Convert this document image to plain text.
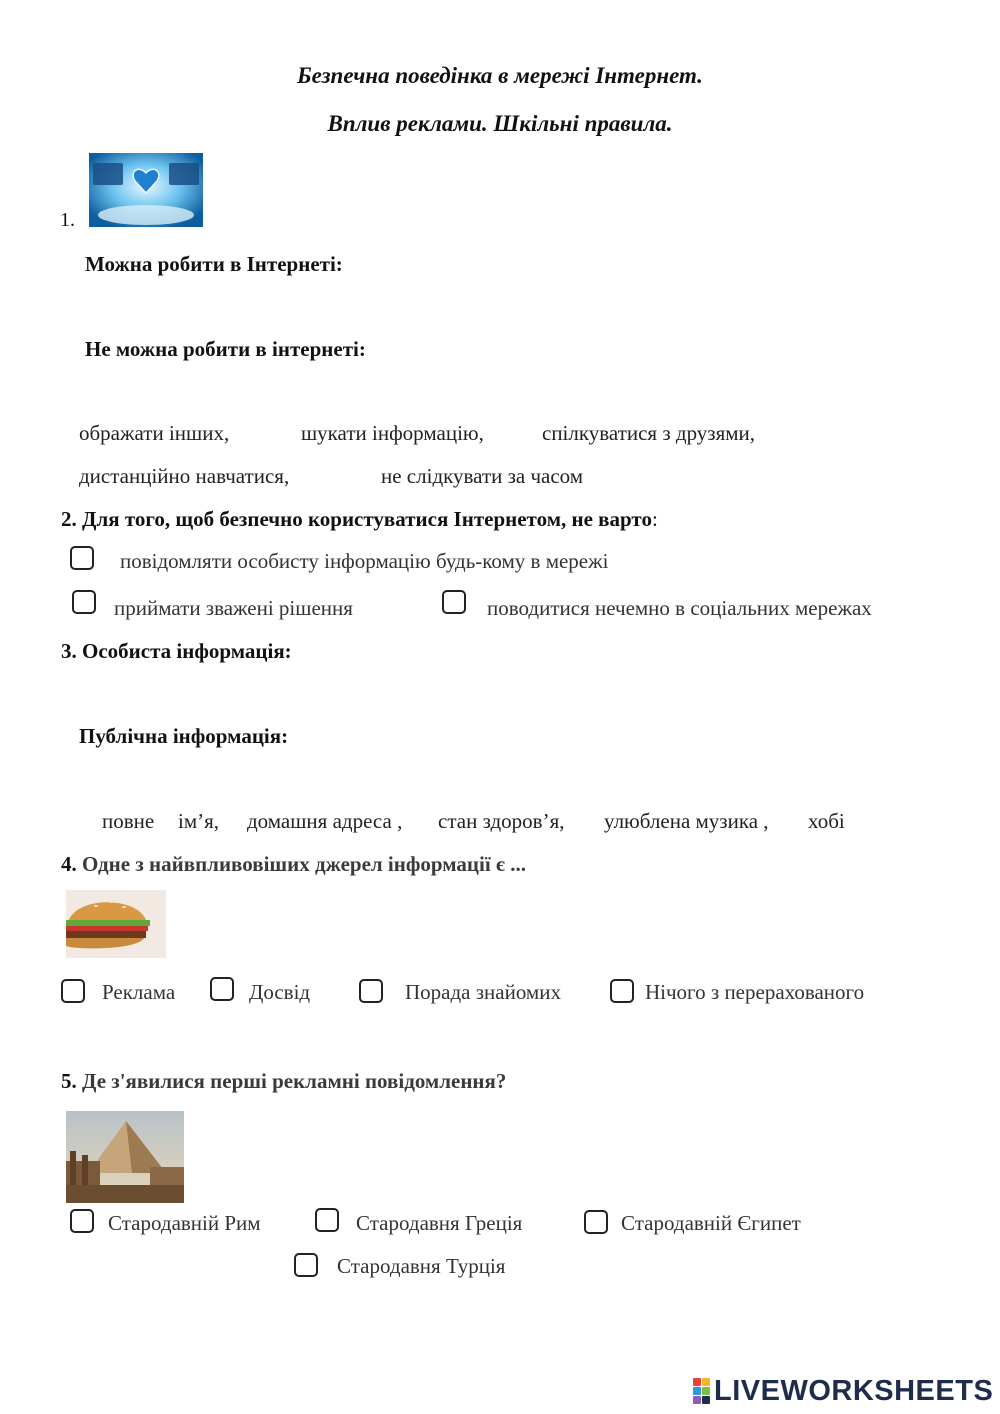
Безпечна поведінка в мережі Інтернет.
Вплив реклами. Шкільні правила.
1.
Можна робити в Інтернеті:
Не можна робити в інтернеті:
ображати інших,	шукати інформацію,	спілкуватися з друзями,
дистанційно навчатися,	не слідкувати за часом
2. Для того, щоб безпечно користуватися Інтернетом, не варто:
повідомляти особисту інформацію будь-кому в мережі
приймати зважені рішення	поводитися нечемно в соціальних мережах
3. Особиста інформація:
Публічна інформація:
повне ім’я, домашня адреса , стан здоров’я, улюблена музика , хобі
4. Одне з найвпливовіших джерел інформації є ...
Реклама	Досвід	Порада знайомих	Нічого з перерахованого
5. Де з'явилися перші рекламні повідомлення?
Стародавній Рим	Стародавня Греція	Стародавній Єгипет
Стародавня Турція
LIVEWORKSHEETS
